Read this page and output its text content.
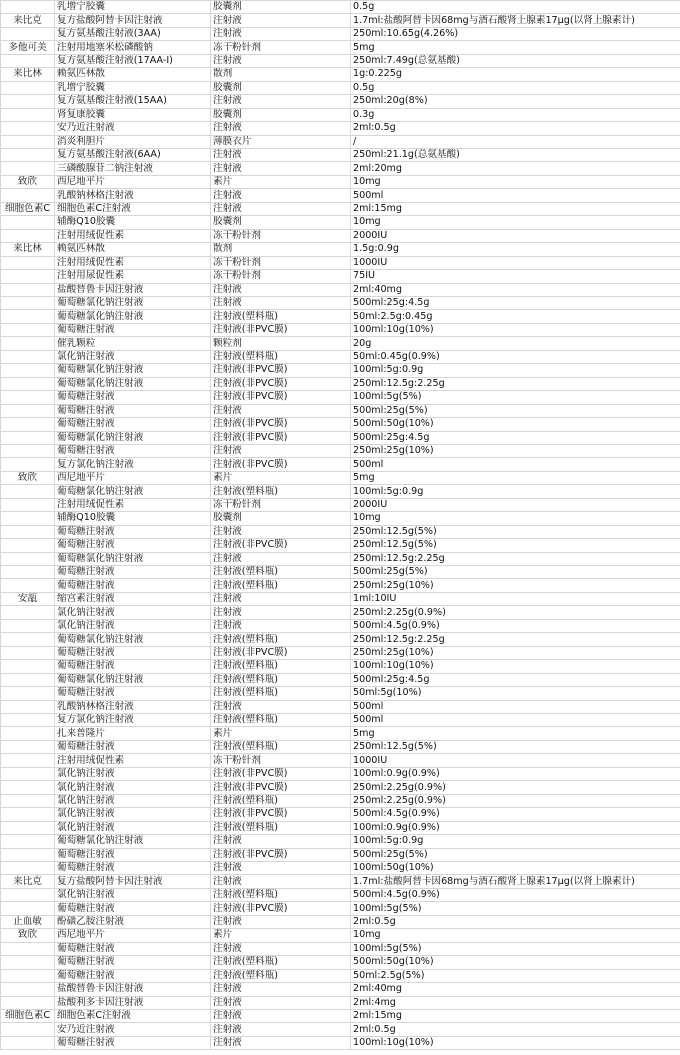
	乳增宁胶囊	胶囊剂	0.5g
来比克	复方盐酸阿替卡因注射液	注射液	1.7ml:盐酸阿替卡因68mg与酒石酸肾上腺素17μg(以肾上腺素计)
	复方氨基酸注射液(3AA)	注射液	250ml:10.65g(4.26%)
多他可美	注射用地塞米松磷酸钠	冻干粉针剂	5mg
	复方氨基酸注射液(17AA-I)	注射液	250ml:7.49g(总氨基酸)
来比林	赖氨匹林散	散剂	1g:0.225g
	乳增宁胶囊	胶囊剂	0.5g
	复方氨基酸注射液(15AA)	注射液	250ml:20g(8%)
	肾复康胶囊	胶囊剂	0.3g
	安乃近注射液	注射液	2ml:0.5g
	消炎利胆片	薄膜衣片	/
	复方氨基酸注射液(6AA)	注射液	250ml:21.1g(总氨基酸)
	三磷酸腺苷二钠注射液	注射液	2ml:20mg
致欣	西尼地平片	素片	10mg
	乳酸钠林格注射液	注射液	500ml
细胞色素C	细胞色素C注射液	注射液	2ml:15mg
	辅酶Q10胶囊	胶囊剂	10mg
	注射用绒促性素	冻干粉针剂	2000IU
来比林	赖氨匹林散	散剂	1.5g:0.9g
	注射用绒促性素	冻干粉针剂	1000IU
	注射用尿促性素	冻干粉针剂	75IU
	盐酸替鲁卡因注射液	注射液	2ml:40mg
	葡萄糖氯化钠注射液	注射液	500ml:25g:4.5g
	葡萄糖氯化钠注射液	注射液(塑料瓶)	50ml:2.5g:0.45g
	葡萄糖注射液	注射液(非PVC膜)	100ml:10g(10%)
	催乳颗粒	颗粒剂	20g
	氯化钠注射液	注射液(塑料瓶)	50ml:0.45g(0.9%)
	葡萄糖氯化钠注射液	注射液(非PVC膜)	100ml:5g:0.9g
	葡萄糖氯化钠注射液	注射液(非PVC膜)	250ml:12.5g:2.25g
	葡萄糖注射液	注射液(非PVC膜)	100ml:5g(5%)
	葡萄糖注射液	注射液	500ml:25g(5%)
	葡萄糖注射液	注射液(非PVC膜)	500ml:50g(10%)
	葡萄糖氯化钠注射液	注射液(非PVC膜)	500ml:25g:4.5g
	葡萄糖注射液	注射液	250ml:25g(10%)
	复方氯化钠注射液	注射液(非PVC膜)	500ml
致欣	西尼地平片	素片	5mg
	葡萄糖氯化钠注射液	注射液(塑料瓶)	100ml:5g:0.9g
	注射用绒促性素	冻干粉针剂	2000IU
	辅酶Q10胶囊	胶囊剂	10mg
	葡萄糖注射液	注射液	250ml:12.5g(5%)
	葡萄糖注射液	注射液(非PVC膜)	250ml:12.5g(5%)
	葡萄糖氯化钠注射液	注射液	250ml:12.5g:2.25g
	葡萄糖注射液	注射液(塑料瓶)	500ml:25g(5%)
	葡萄糖注射液	注射液(塑料瓶)	250ml:25g(10%)
安瓿	缩宫素注射液	注射液	1ml:10IU
	氯化钠注射液	注射液	250ml:2.25g(0.9%)
	氯化钠注射液	注射液	500ml:4.5g(0.9%)
	葡萄糖氯化钠注射液	注射液(塑料瓶)	250ml:12.5g:2.25g
	葡萄糖注射液	注射液(非PVC膜)	250ml:25g(10%)
	葡萄糖注射液	注射液(塑料瓶)	100ml:10g(10%)
	葡萄糖氯化钠注射液	注射液(塑料瓶)	500ml:25g:4.5g
	葡萄糖注射液	注射液(塑料瓶)	50ml:5g(10%)
	乳酸钠林格注射液	注射液	500ml
	复方氯化钠注射液	注射液(塑料瓶)	500ml
	扎来普隆片	素片	5mg
	葡萄糖注射液	注射液(塑料瓶)	250ml:12.5g(5%)
	注射用绒促性素	冻干粉针剂	1000IU
	氯化钠注射液	注射液(非PVC膜)	100ml:0.9g(0.9%)
	氯化钠注射液	注射液(非PVC膜)	250ml:2.25g(0.9%)
	氯化钠注射液	注射液(塑料瓶)	250ml:2.25g(0.9%)
	氯化钠注射液	注射液(非PVC膜)	500ml:4.5g(0.9%)
	氯化钠注射液	注射液(塑料瓶)	100ml:0.9g(0.9%)
	葡萄糖氯化钠注射液	注射液	100ml:5g:0.9g
	葡萄糖注射液	注射液(非PVC膜)	500ml:25g(5%)
	葡萄糖注射液	注射液	100ml:50g(10%)
来比克	复方盐酸阿替卡因注射液	注射液	1.7ml:盐酸阿替卡因68mg与酒石酸肾上腺素17μg(以肾上腺素计)
	氯化钠注射液	注射液(塑料瓶)	500ml:4.5g(0.9%)
	葡萄糖注射液	注射液(非PVC膜)	100ml:5g(5%)
止血敏	酚磺乙胺注射液	注射液	2ml:0.5g
致欣	西尼地平片	素片	10mg
	葡萄糖注射液	注射液	100ml:5g(5%)
	葡萄糖注射液	注射液(塑料瓶)	500ml:50g(10%)
	葡萄糖注射液	注射液(塑料瓶)	50ml:2.5g(5%)
	盐酸替鲁卡因注射液	注射液	2ml:40mg
	盐酸利多卡因注射液	注射液	2ml:4mg
细胞色素C	细胞色素C注射液	注射液	2ml:15mg
	安乃近注射液	注射液	2ml:0.5g
	葡萄糖注射液	注射液	100ml:10g(10%)
